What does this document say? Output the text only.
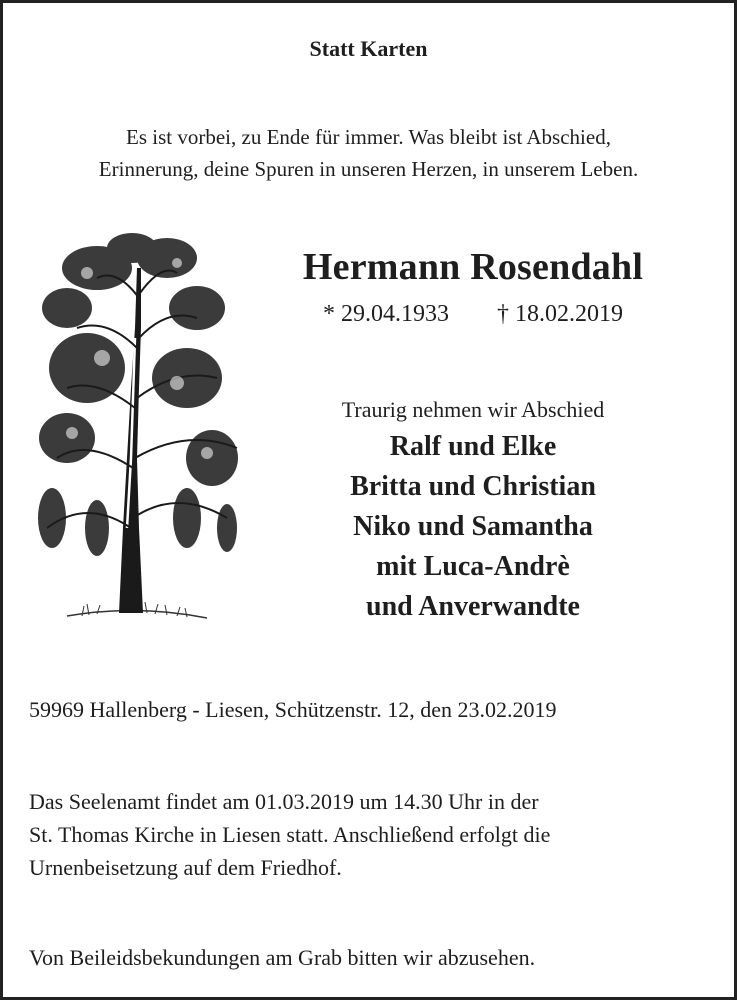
Statt Karten
Es ist vorbei, zu Ende für immer. Was bleibt ist Abschied,
Erinnerung, deine Spuren in unseren Herzen, in unserem Leben.
Hermann Rosendahl
* 29.04.1933 † 18.02.2019
Traurig nehmen wir Abschied
Ralf und Elke
Britta und Christian
Niko und Samantha
mit Luca-Andrè
und Anverwandte
59969 Hallenberg - Liesen, Schützenstr. 12, den 23.02.2019
Das Seelenamt findet am 01.03.2019 um 14.30 Uhr in der
St. Thomas Kirche in Liesen statt. Anschließend erfolgt die
Urnenbeisetzung auf dem Friedhof.
Von Beileidsbekundungen am Grab bitten wir abzusehen.
